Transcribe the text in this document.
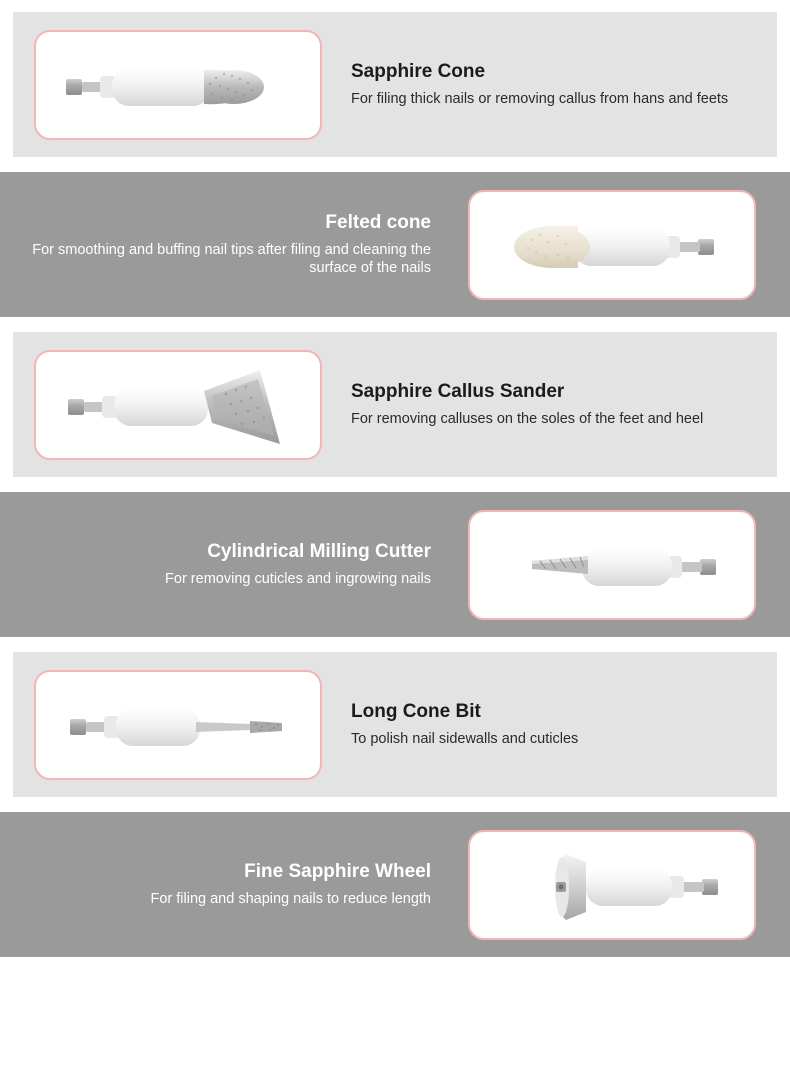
Sapphire Cone
For filing thick nails or removing callus from hans and feets
Felted cone
For smoothing and buffing nail tips after filing and cleaning the surface of the nails
Sapphire Callus Sander
For removing calluses on the soles of the feet and heel
Cylindrical Milling Cutter
For removing cuticles and ingrowing nails
Long Cone Bit
To polish nail sidewalls and cuticles
Fine Sapphire Wheel
For filing and shaping nails to reduce length
